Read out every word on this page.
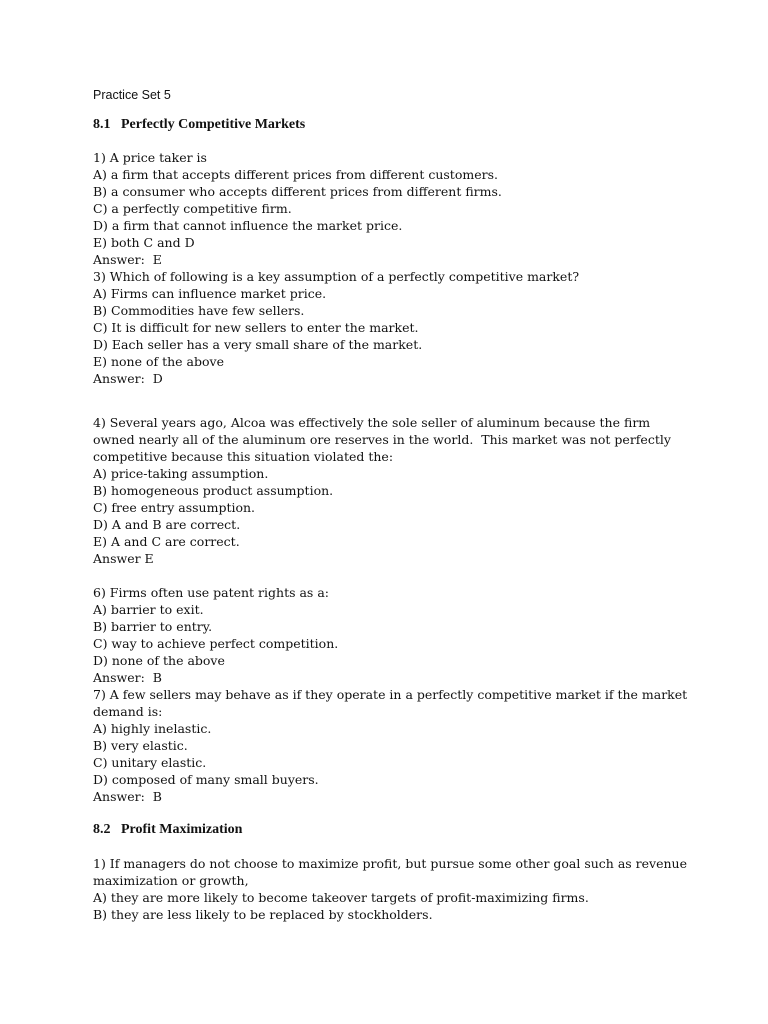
Practice Set 5
8.1   Perfectly Competitive Markets
1) A price taker is
A) a firm that accepts different prices from different customers.
B) a consumer who accepts different prices from different firms.
C) a perfectly competitive firm.
D) a firm that cannot influence the market price.
E) both C and D
Answer:  E
3) Which of following is a key assumption of a perfectly competitive market?
A) Firms can influence market price.
B) Commodities have few sellers.
C) It is difficult for new sellers to enter the market.
D) Each seller has a very small share of the market.
E) none of the above
Answer:  D
4) Several years ago, Alcoa was effectively the sole seller of aluminum because the firm
owned nearly all of the aluminum ore reserves in the world.  This market was not perfectly
competitive because this situation violated the:
A) price-taking assumption.
B) homogeneous product assumption.
C) free entry assumption.
D) A and B are correct.
E) A and C are correct.
Answer E
6) Firms often use patent rights as a:
A) barrier to exit.
B) barrier to entry.
C) way to achieve perfect competition.
D) none of the above
Answer:  B
7) A few sellers may behave as if they operate in a perfectly competitive market if the market
demand is:
A) highly inelastic.
B) very elastic.
C) unitary elastic.
D) composed of many small buyers.
Answer:  B
8.2   Profit Maximization
1) If managers do not choose to maximize profit, but pursue some other goal such as revenue
maximization or growth,
A) they are more likely to become takeover targets of profit-maximizing firms.
B) they are less likely to be replaced by stockholders.
